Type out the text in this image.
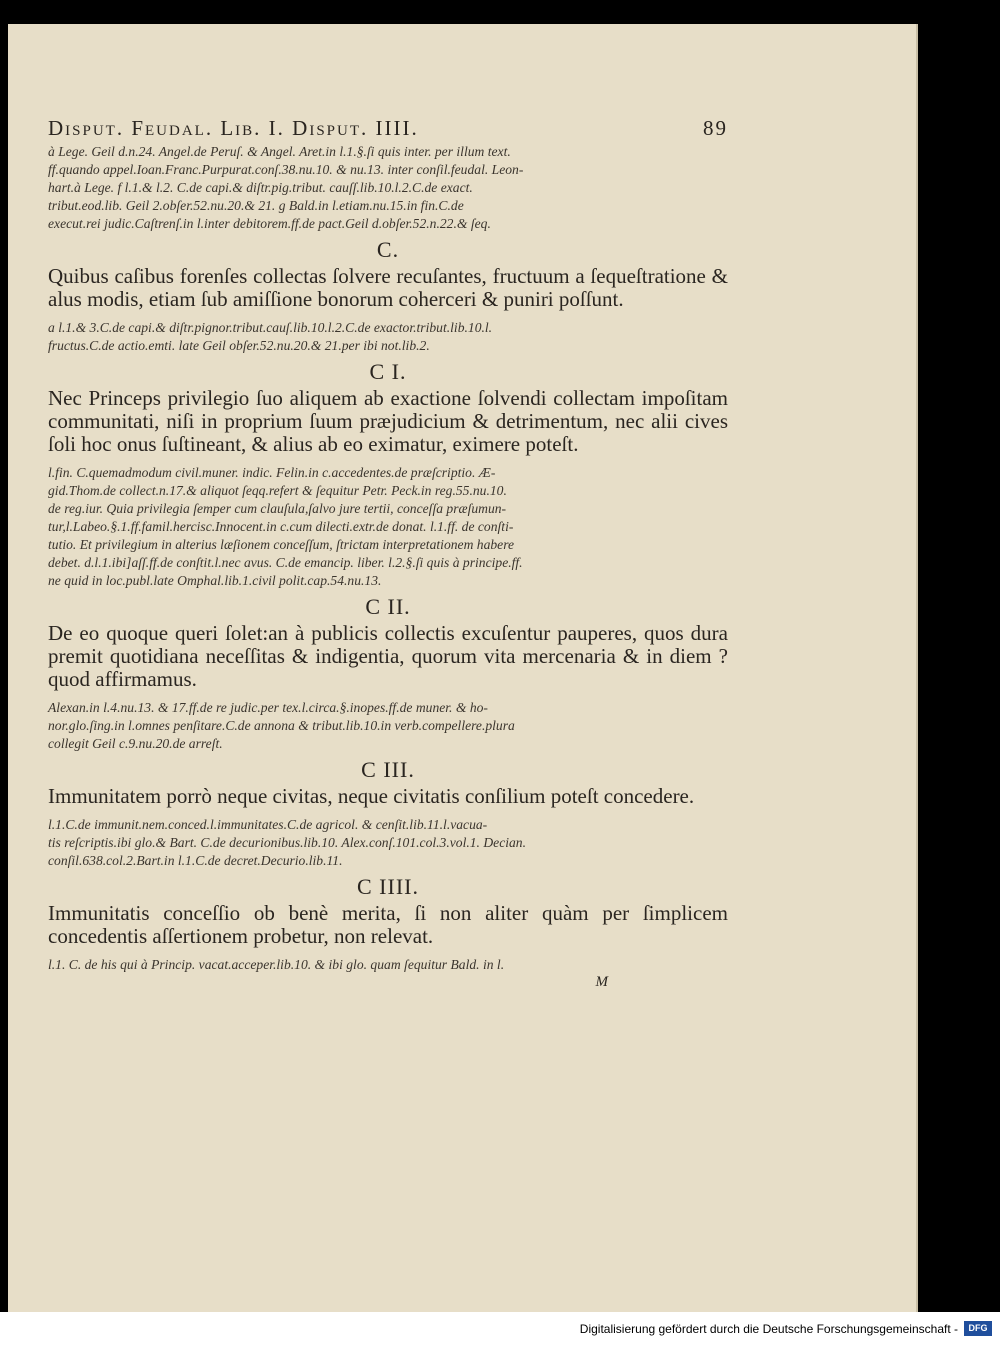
Disput. Feudal. Lib. I. Disput. IIII.	89

à Lege. Geil d.n.24. Angel.de Peruſ. & Angel. Aret.in l.1.§.ſi quis inter. per illum text.

ff.quando appel.Ioan.Franc.Purpurat.conſ.38.nu.10. & nu.13. inter conſil.feudal. Leon-

hart.à Lege. f l.1.& l.2. C.de capi.& diſtr.pig.tribut. cauſſ.lib.10.l.2.C.de exact.

tribut.eod.lib. Geil 2.obſer.52.nu.20.& 21. g Bald.in l.etiam.nu.15.in fin.C.de

execut.rei judic.Caſtrenſ.in l.inter debitorem.ff.de pact.Geil d.obſer.52.n.22.& ſeq.

C.

Quibus caſibus forenſes collectas ſolvere recuſantes, fructuum a ſequeſtratione & alus modis, etiam ſub amiſſione bonorum coherceri & puniri poſſunt.

a l.1.& 3.C.de capi.& diſtr.pignor.tribut.cauſ.lib.10.l.2.C.de exactor.tribut.lib.10.l.

fructus.C.de actio.emti. late Geil obſer.52.nu.20.& 21.per ibi not.lib.2.

C I.

Nec Princeps privilegio ſuo aliquem ab exactione ſolvendi collectam impoſitam communitati, niſi in proprium ſuum præjudicium & detrimentum, nec alii cives ſoli hoc onus ſuſtineant, & alius ab eo eximatur, eximere poteſt.

l.fin. C.quemadmodum civil.muner. indic. Felin.in c.accedentes.de præſcriptio. Æ-

gid.Thom.de collect.n.17.& aliquot ſeqq.refert & ſequitur Petr. Peck.in reg.55.nu.10.

de reg.iur. Quia privilegia ſemper cum clauſula,ſalvo jure tertii, conceſſa præſumun-

tur,l.Labeo.§.1.ff.famil.hercisc.Innocent.in c.cum dilecti.extr.de donat. l.1.ff. de conſti-

tutio. Et privilegium in alterius læſionem conceſſum, ſtrictam interpretationem habere

debet. d.l.1.ibi]aſſ.ff.de conſtit.l.nec avus. C.de emancip. liber. l.2.§.ſi quis à principe.ff.

ne quid in loc.publ.late Omphal.lib.1.civil polit.cap.54.nu.13.

C II.

De eo quoque queri ſolet:an à publicis collectis excuſentur pauperes, quos dura premit quotidiana neceſſitas & indigentia, quorum vita mercenaria & in diem ? quod affirmamus.

Alexan.in l.4.nu.13. & 17.ff.de re judic.per tex.l.circa.§.inopes.ff.de muner. & ho-

nor.glo.ſing.in l.omnes penſitare.C.de annona & tribut.lib.10.in verb.compellere.plura

collegit Geil c.9.nu.20.de arreſt.

C III.

Immunitatem porrò neque civitas, neque civitatis conſilium poteſt concedere.

l.1.C.de immunit.nem.conced.l.immunitates.C.de agricol. & cenſit.lib.11.l.vacua-

tis reſcriptis.ibi glo.& Bart. C.de decurionibus.lib.10. Alex.conſ.101.col.3.vol.1. Decian.

conſil.638.col.2.Bart.in l.1.C.de decret.Decurio.lib.11.

C IIII.

Immunitatis conceſſio ob benè merita, ſi non aliter quàm per ſimplicem concedentis aſſertionem probetur, non relevat.

l.1. C. de his qui à Princip. vacat.acceper.lib.10. & ibi glo. quam ſequitur Bald. in l.

M
Digitalisierung gefördert durch die Deutsche Forschungsgemeinschaft -	DFG
